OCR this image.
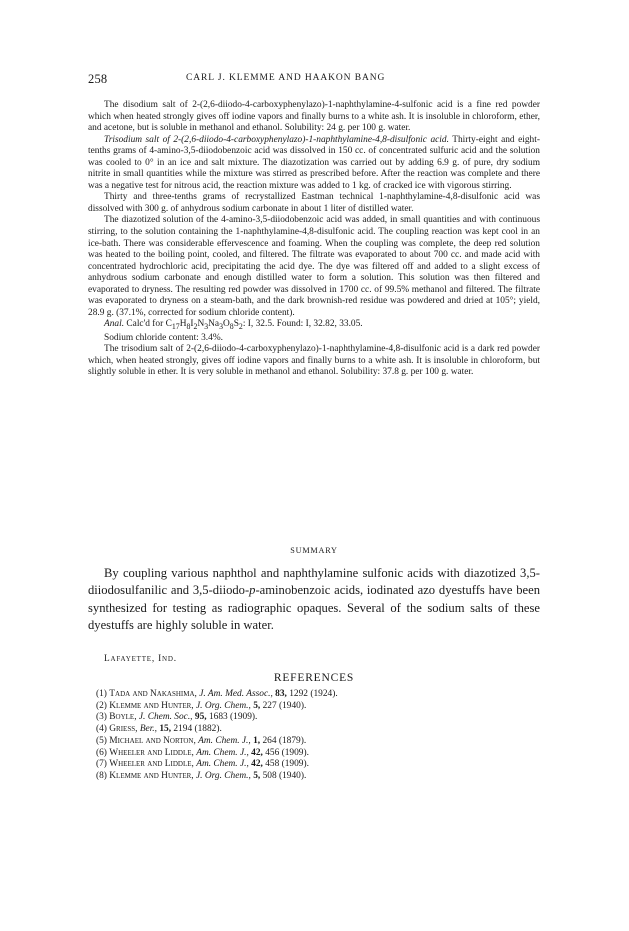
258	CARL J. KLEMME AND HAAKON BANG

The disodium salt of 2-(2,6-diiodo-4-carboxyphenylazo)-1-naphthylamine-4-sulfonic acid is a fine red powder which when heated strongly gives off iodine vapors and finally burns to a white ash. It is insoluble in chloroform, ether, and acetone, but is soluble in methanol and ethanol. Solubility: 24 g. per 100 g. water.

Trisodium salt of 2-(2,6-diiodo-4-carboxyphenylazo)-1-naphthylamine-4,8-disulfonic acid. Thirty-eight and eight-tenths grams of 4-amino-3,5-diiodobenzoic acid was dissolved in 150 cc. of concentrated sulfuric acid and the solution was cooled to 0° in an ice and salt mixture. The diazotization was carried out by adding 6.9 g. of pure, dry sodium nitrite in small quantities while the mixture was stirred as prescribed before. After the reaction was complete and there was a negative test for nitrous acid, the reaction mixture was added to 1 kg. of cracked ice with vigorous stirring.

Thirty and three-tenths grams of recrystallized Eastman technical 1-naphthylamine-4,8-disulfonic acid was dissolved with 300 g. of anhydrous sodium carbonate in about 1 liter of distilled water.

The diazotized solution of the 4-amino-3,5-diiodobenzoic acid was added, in small quantities and with continuous stirring, to the solution containing the 1-naphthylamine-4,8-disulfonic acid. The coupling reaction was kept cool in an ice-bath. There was considerable effervescence and foaming. When the coupling was complete, the deep red solution was heated to the boiling point, cooled, and filtered. The filtrate was evaporated to about 700 cc. and made acid with concentrated hydrochloric acid, precipitating the acid dye. The dye was filtered off and added to a slight excess of anhydrous sodium carbonate and enough distilled water to form a solution. This solution was then filtered and evaporated to dryness. The resulting red powder was dissolved in 1700 cc. of 99.5% methanol and filtered. The filtrate was evaporated to dryness on a steam-bath, and the dark brownish-red residue was powdered and dried at 105°; yield, 28.9 g. (37.1%, corrected for sodium chloride content).

Anal. Calc'd for $C_{17}H_8I_2N_3Na_3O_8S_2$: I, 32.5. Found: I, 32.82, 33.05.

Sodium chloride content: 3.4%.

The trisodium salt of 2-(2,6-diiodo-4-carboxyphenylazo)-1-naphthylamine-4,8-disulfonic acid is a dark red powder which, when heated strongly, gives off iodine vapors and finally burns to a white ash. It is insoluble in chloroform, but slightly soluble in ether. It is very soluble in methanol and ethanol. Solubility: 37.8 g. per 100 g. water.

SUMMARY
By coupling various naphthol and naphthylamine sulfonic acids with diazotized 3,5-diiodosulfanilic and 3,5-diiodo-p-aminobenzoic acids, iodinated azo dyestuffs have been synthesized for testing as radiographic opaques. Several of the sodium salts of these dyestuffs are highly soluble in water.
Lafayette, Ind.
REFERENCES
(1) Tada and Nakashima, J. Am. Med. Assoc., 83, 1292 (1924).
(2) Klemme and Hunter, J. Org. Chem., 5, 227 (1940).
(3) Boyle, J. Chem. Soc., 95, 1683 (1909).
(4) Griess, Ber., 15, 2194 (1882).
(5) Michael and Norton, Am. Chem. J., 1, 264 (1879).
(6) Wheeler and Liddle, Am. Chem. J., 42, 456 (1909).
(7) Wheeler and Liddle, Am. Chem. J., 42, 458 (1909).
(8) Klemme and Hunter, J. Org. Chem., 5, 508 (1940).
